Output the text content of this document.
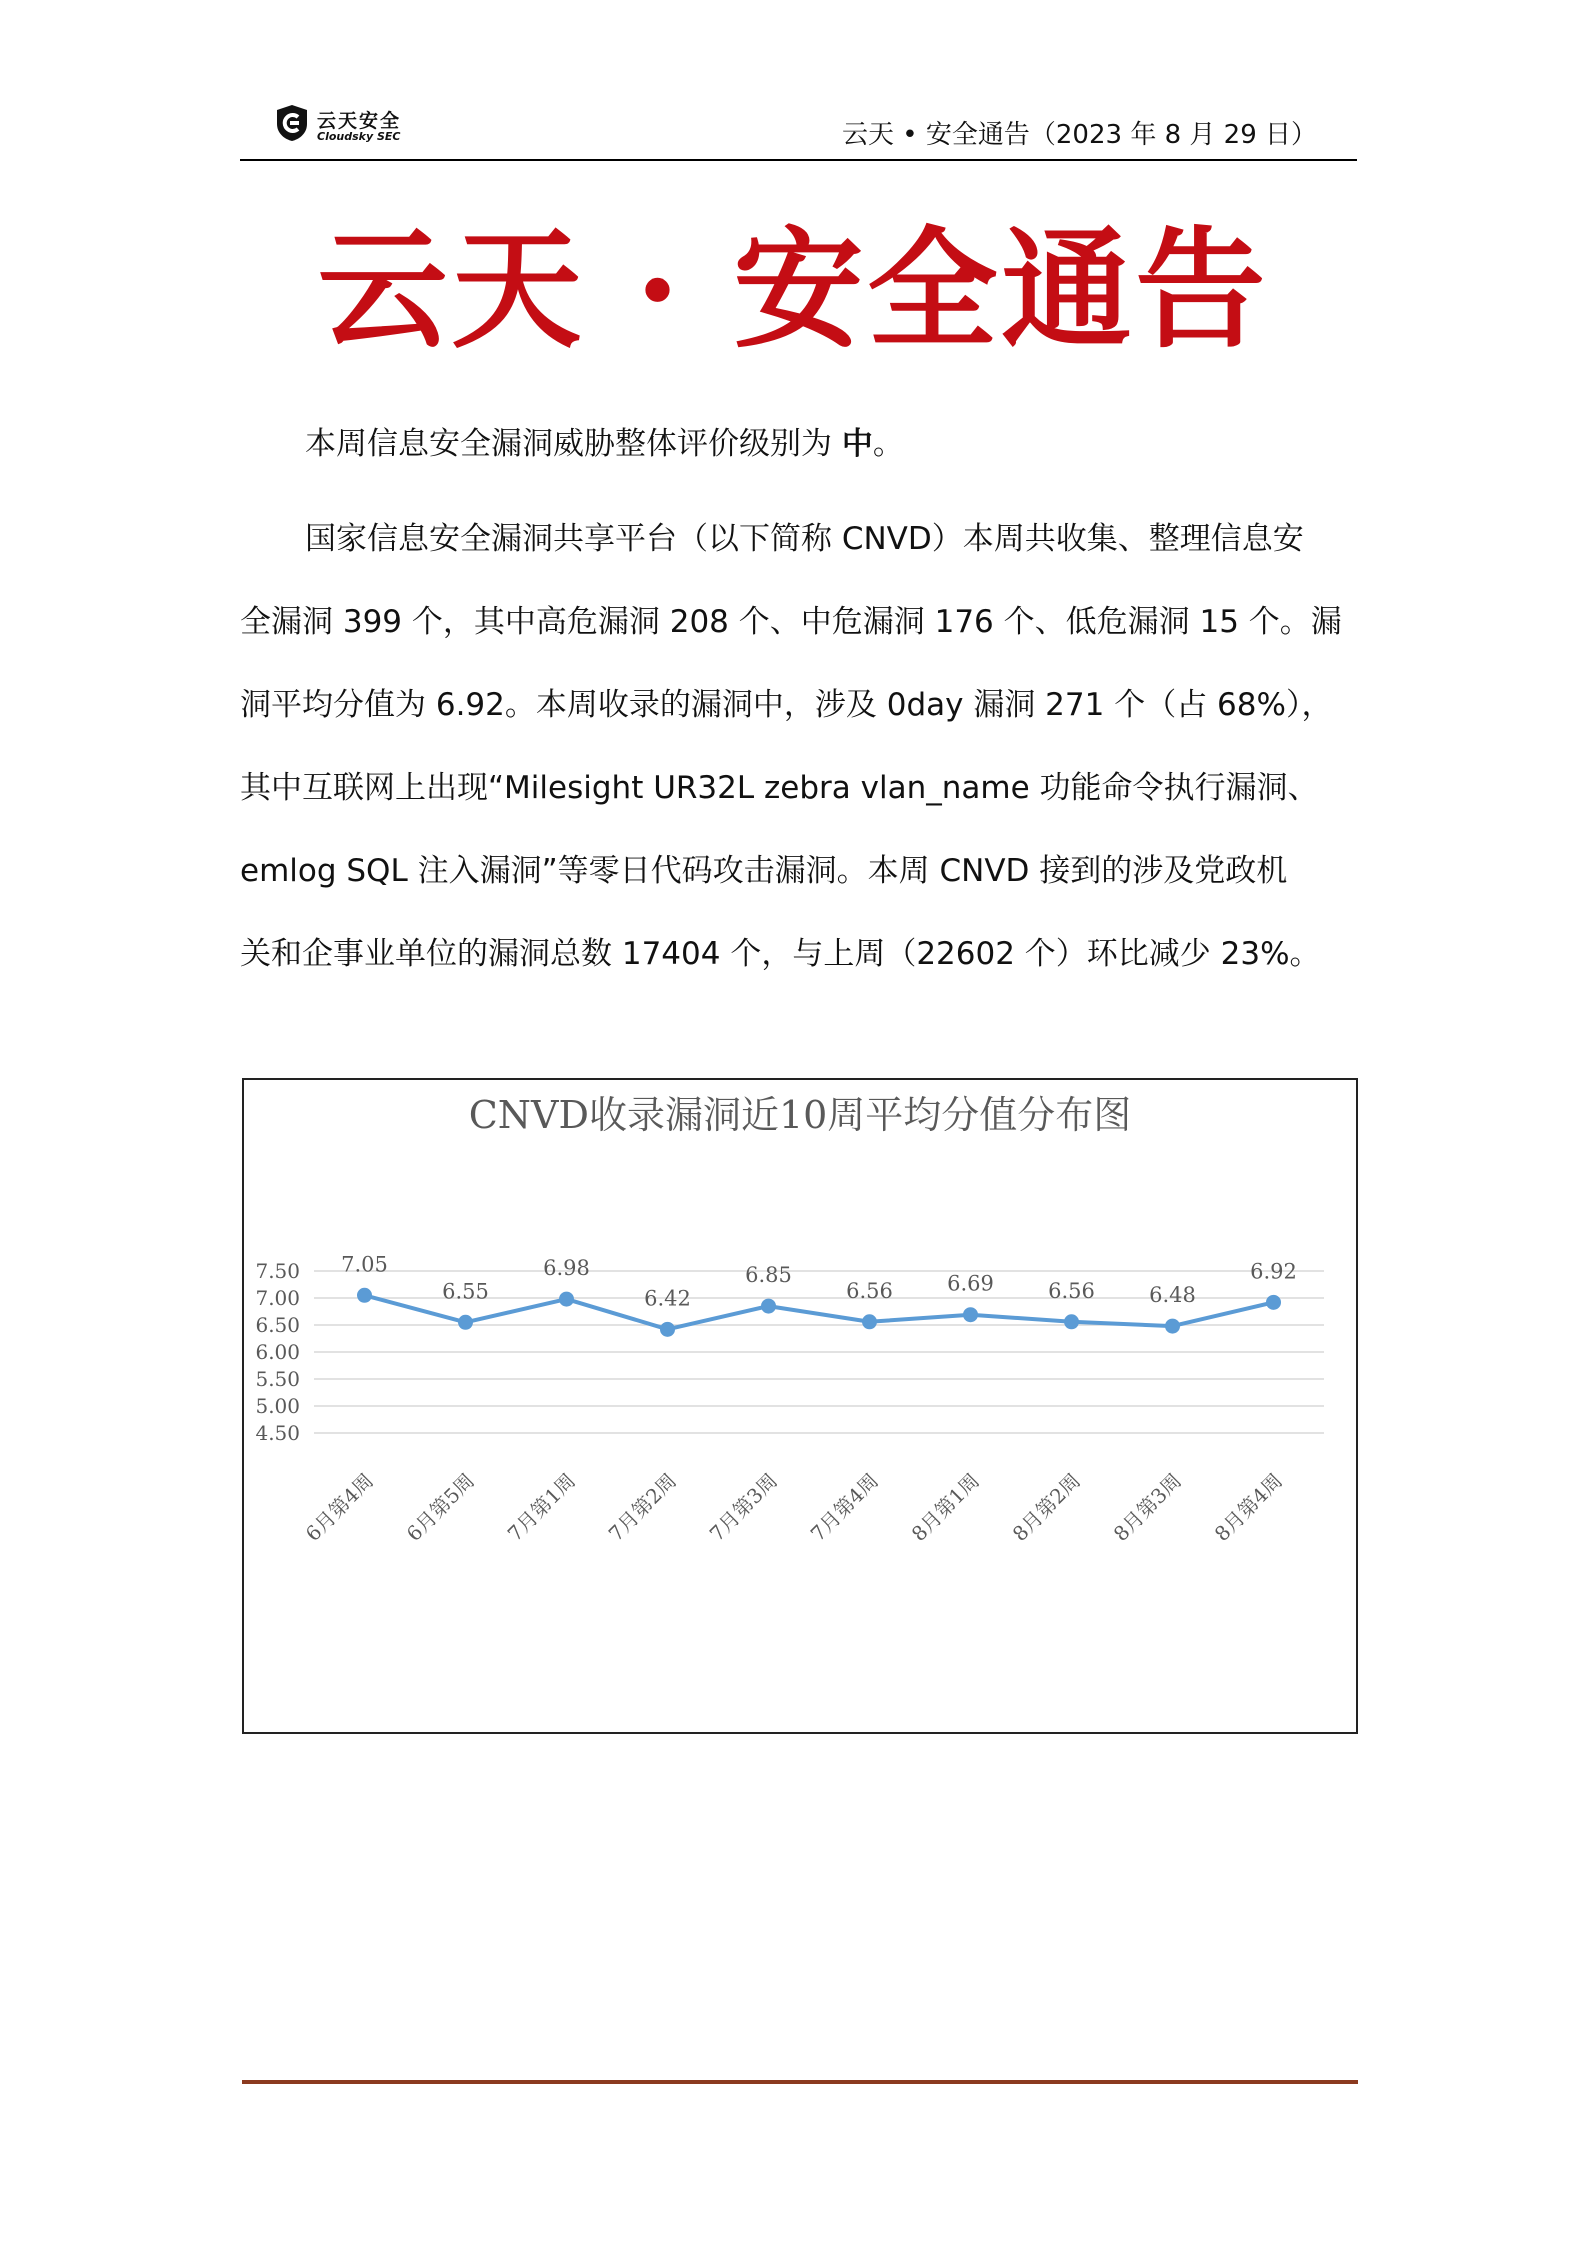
云天安全
Cloudsky SEC	云天 • 安全通告（2023 年 8 月 29 日）
云天 · 安全通告
本周信息安全漏洞威胁整体评价级别为 中。
国家信息安全漏洞共享平台（以下简称 CNVD）本周共收集、整理信息安
全漏洞 399 个，其中高危漏洞 208 个、中危漏洞 176 个、低危漏洞 15 个。漏
洞平均分值为 6.92。本周收录的漏洞中，涉及 0day 漏洞 271 个（占 68%），
其中互联网上出现“Milesight UR32L zebra vlan_name 功能命令执行漏洞、
emlog SQL 注入漏洞”等零日代码攻击漏洞。本周 CNVD 接到的涉及党政机
关和企事业单位的漏洞总数 17404 个，与上周（22602 个）环比减少 23%。
CNVD收录漏洞近10周平均分值分布图
7.50
7.00
6.50
6.00
5.50
5.00
4.50
7.05
6.55
6.98
6.42
6.85
6.56	6.69	6.56	6.48
6.92
6月第4周 6月第5周 7月第1周 7月第2周 7月第3周 7月第4周 8月第1周 8月第2周 8月第3周 8月第4周
